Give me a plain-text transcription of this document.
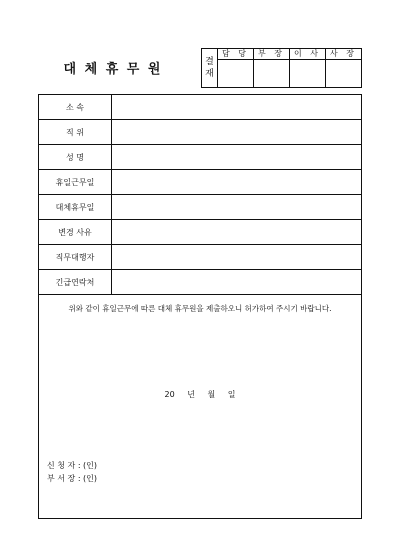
대 체 휴 무 원	결
재
담 당	부 장	이 사	사 장
소 속
직 위
성 명
휴일근무일
대체휴무일
변경 사유
직무대행자
긴급연락처
위와 같이 휴일근무에 따른 대체 휴무원을 제출하오니 허가하여 주시기 바랍니다.
20 년 월 일
신 청 자 : (인)
부 서 장 : (인)
